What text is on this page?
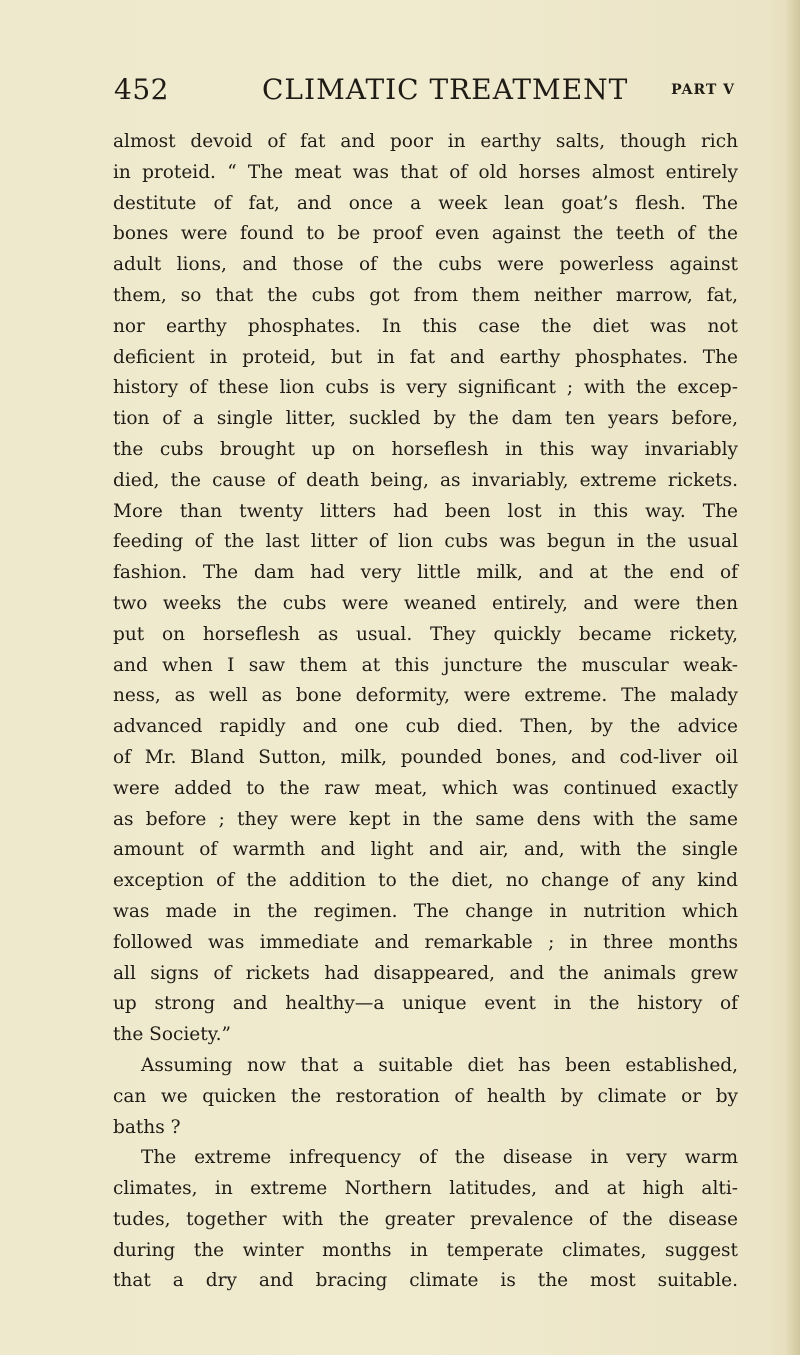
452	CLIMATIC TREATMENT	PART V
almost devoid of fat and poor in earthy salts, though rich
in proteid. “ The meat was that of old horses almost entirely
destitute of fat, and once a week lean goat’s flesh. The
bones were found to be proof even against the teeth of the
adult lions, and those of the cubs were powerless against
them, so that the cubs got from them neither marrow, fat,
nor earthy phosphates. In this case the diet was not
deficient in proteid, but in fat and earthy phosphates. The
history of these lion cubs is very significant ; with the excep-
tion of a single litter, suckled by the dam ten years before,
the cubs brought up on horseflesh in this way invariably
died, the cause of death being, as invariably, extreme rickets.
More than twenty litters had been lost in this way. The
feeding of the last litter of lion cubs was begun in the usual
fashion. The dam had very little milk, and at the end of
two weeks the cubs were weaned entirely, and were then
put on horseflesh as usual. They quickly became rickety,
and when I saw them at this juncture the muscular weak-
ness, as well as bone deformity, were extreme. The malady
advanced rapidly and one cub died. Then, by the advice
of Mr. Bland Sutton, milk, pounded bones, and cod-liver oil
were added to the raw meat, which was continued exactly
as before ; they were kept in the same dens with the same
amount of warmth and light and air, and, with the single
exception of the addition to the diet, no change of any kind
was made in the regimen. The change in nutrition which
followed was immediate and remarkable ; in three months
all signs of rickets had disappeared, and the animals grew
up strong and healthy—a unique event in the history of
the Society.”
Assuming now that a suitable diet has been established,
can we quicken the restoration of health by climate or by
baths ?
The extreme infrequency of the disease in very warm
climates, in extreme Northern latitudes, and at high alti-
tudes, together with the greater prevalence of the disease
during the winter months in temperate climates, suggest
that a dry and bracing climate is the most suitable.
